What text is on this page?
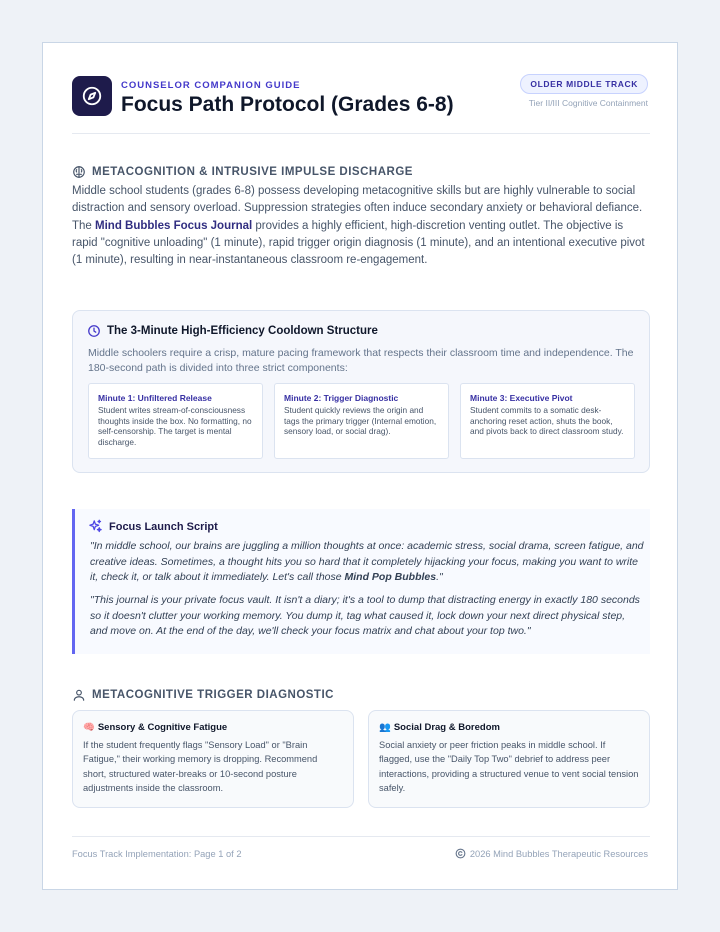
COUNSELOR COMPANION GUIDE
Focus Path Protocol (Grades 6-8)
OLDER MIDDLE TRACK
Tier II/III Cognitive Containment
METACOGNITION & INTRUSIVE IMPULSE DISCHARGE

Middle school students (grades 6-8) possess developing metacognitive skills but are highly vulnerable to social distraction and sensory overload. Suppression strategies often induce secondary anxiety or behavioral defiance. The Mind Bubbles Focus Journal provides a highly efficient, high-discretion venting outlet. The objective is rapid "cognitive unloading" (1 minute), rapid trigger origin diagnosis (1 minute), and an intentional executive pivot (1 minute), resulting in near-instantaneous classroom re-engagement.

The 3-Minute High-Efficiency Cooldown Structure
Middle schoolers require a crisp, mature pacing framework that respects their classroom time and independence. The 180-second path is divided into three strict components:
Minute 1: Unfiltered Release
Student writes stream-of-consciousness thoughts inside the box. No formatting, no self-censorship. The target is mental discharge.
Minute 2: Trigger Diagnostic
Student quickly reviews the origin and tags the primary trigger (Internal emotion, sensory load, or social drag).
Minute 3: Executive Pivot
Student commits to a somatic desk-anchoring reset action, shuts the book, and pivots back to direct classroom study.
Focus Launch Script

"In middle school, our brains are juggling a million thoughts at once: academic stress, social drama, screen fatigue, and creative ideas. Sometimes, a thought hits you so hard that it completely hijacking your focus, making you want to write it, check it, or talk about it immediately. Let's call those Mind Pop Bubbles."

"This journal is your private focus vault. It isn't a diary; it's a tool to dump that distracting energy in exactly 180 seconds so it doesn't clutter your working memory. You dump it, tag what caused it, lock down your next direct physical step, and move on. At the end of the day, we'll check your focus matrix and chat about your top two."

METACOGNITIVE TRIGGER DIAGNOSTIC
🧠 Sensory & Cognitive Fatigue
If the student frequently flags "Sensory Load" or "Brain Fatigue," their working memory is dropping. Recommend short, structured water-breaks or 10-second posture adjustments inside the classroom.
👥 Social Drag & Boredom
Social anxiety or peer friction peaks in middle school. If flagged, use the "Daily Top Two" debrief to address peer interactions, providing a structured venue to vent social tension safely.
Focus Track Implementation: Page 1 of 2	2026 Mind Bubbles Therapeutic Resources
